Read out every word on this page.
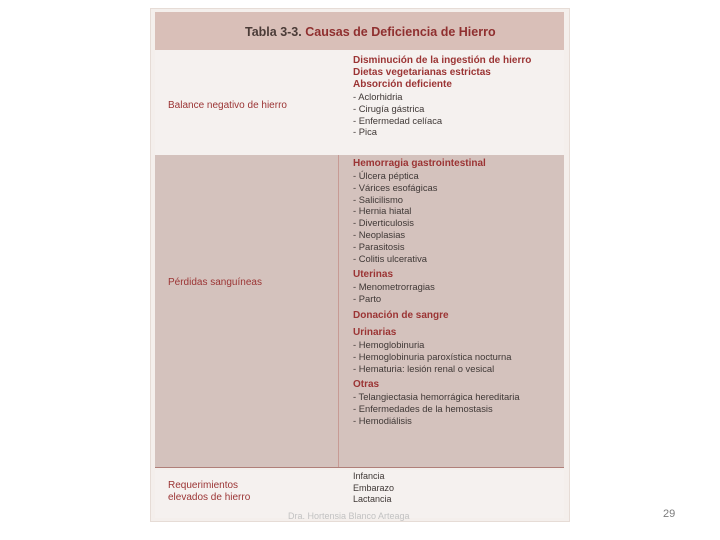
Tabla 3-3. Causas de Deficiencia de Hierro
Balance negativo de hierro
Disminución de la ingestión de hierro
Dietas vegetarianas estrictas
Absorción deficiente
- Aclorhidria
- Cirugía gástrica
- Enfermedad celíaca
- Pica
Pérdidas sanguíneas
Hemorragia gastrointestinal
- Úlcera péptica
- Várices esofágicas
- Salicilismo
- Hernia hiatal
- Diverticulosis
- Neoplasias
- Parasitosis
- Colitis ulcerativa
Uterinas
- Menometrorragias
- Parto
Donación de sangre
Urinarias
- Hemoglobinuria
- Hemoglobinuria paroxística nocturna
- Hematuria: lesión renal o vesical
Otras
- Telangiectasia hemorrágica hereditaria
- Enfermedades de la hemostasis
- Hemodiálisis
Requerimientos
elevados de hierro
Infancia
Embarazo
Lactancia
Dra. Hortensia Blanco Arteaga	29
